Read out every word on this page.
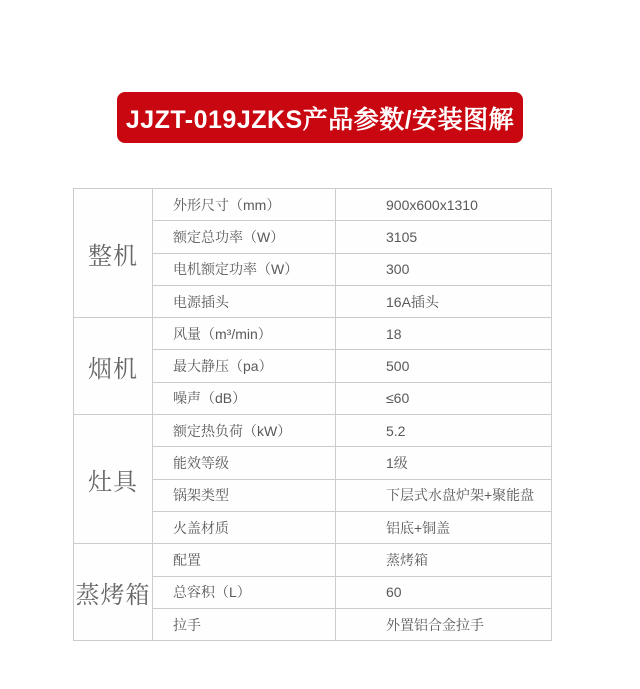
JJZT-019JZKS产品参数/安装图解
整机	外形尺寸（mm）	900x600x1310
	额定总功率（W）	3105
	电机额定功率（W）	300
	电源插头	16A插头
烟机	风量（m³/min）	18
	最大静压（pa）	500
	噪声（dB）	≤60
灶具	额定热负荷（kW）	5.2
	能效等级	1级
	锅架类型	下层式水盘炉架+聚能盘
	火盖材质	铝底+铜盖
蒸烤箱	配置	蒸烤箱
	总容积（L）	60
	拉手	外置铝合金拉手
